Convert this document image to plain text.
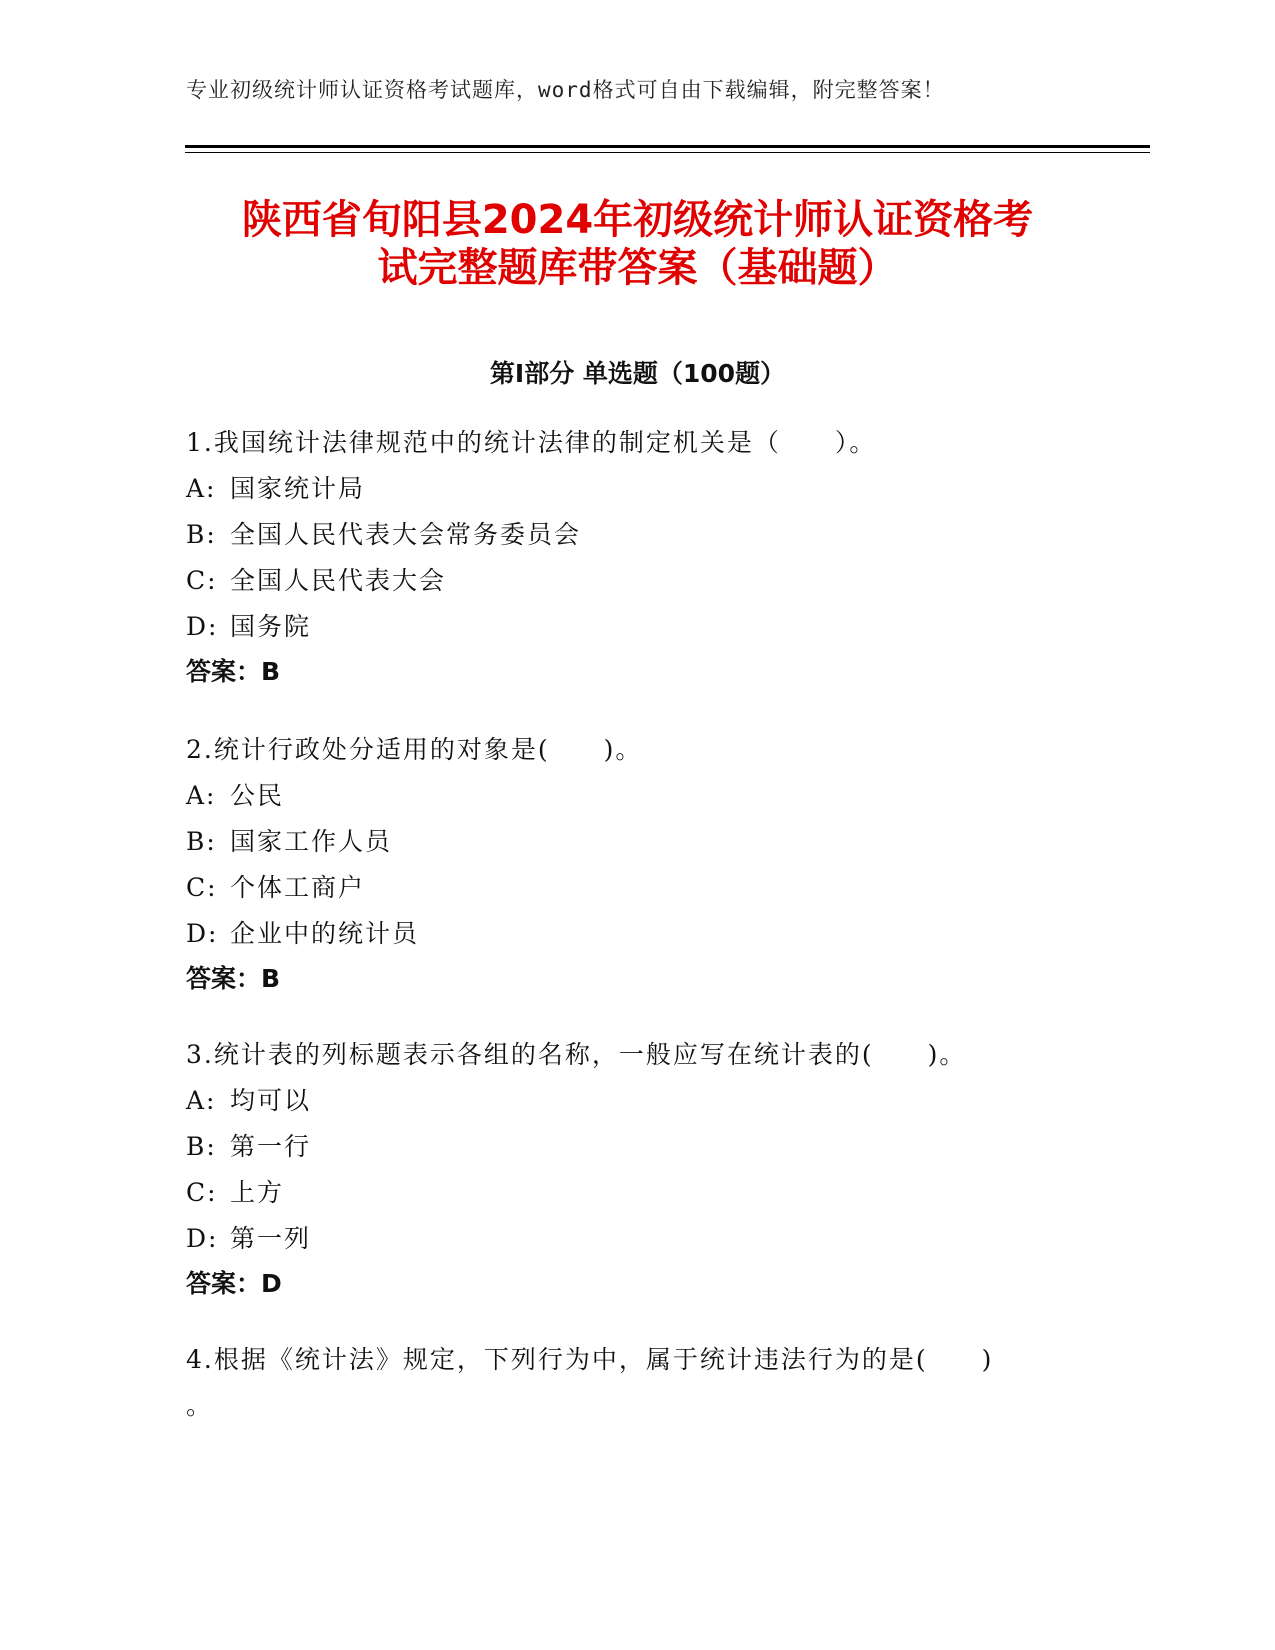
专业初级统计师认证资格考试题库，word格式可自由下载编辑，附完整答案！
陕西省旬阳县2024年初级统计师认证资格考
试完整题库带答案（基础题）
第Ⅰ部分 单选题（100题）

1.我国统计法律规范中的统计法律的制定机关是（　　）。

A: 国家统计局
B: 全国人民代表大会常务委员会
C: 全国人民代表大会
D: 国务院
答案：B

2.统计行政处分适用的对象是(　　)。

A: 公民
B: 国家工作人员
C: 个体工商户
D: 企业中的统计员
答案：B

3.统计表的列标题表示各组的名称，一般应写在统计表的(　　)。

A: 均可以
B: 第一行
C: 上方
D: 第一列
答案：D

4.根据《统计法》规定，下列行为中，属于统计违法行为的是(　　)

。
